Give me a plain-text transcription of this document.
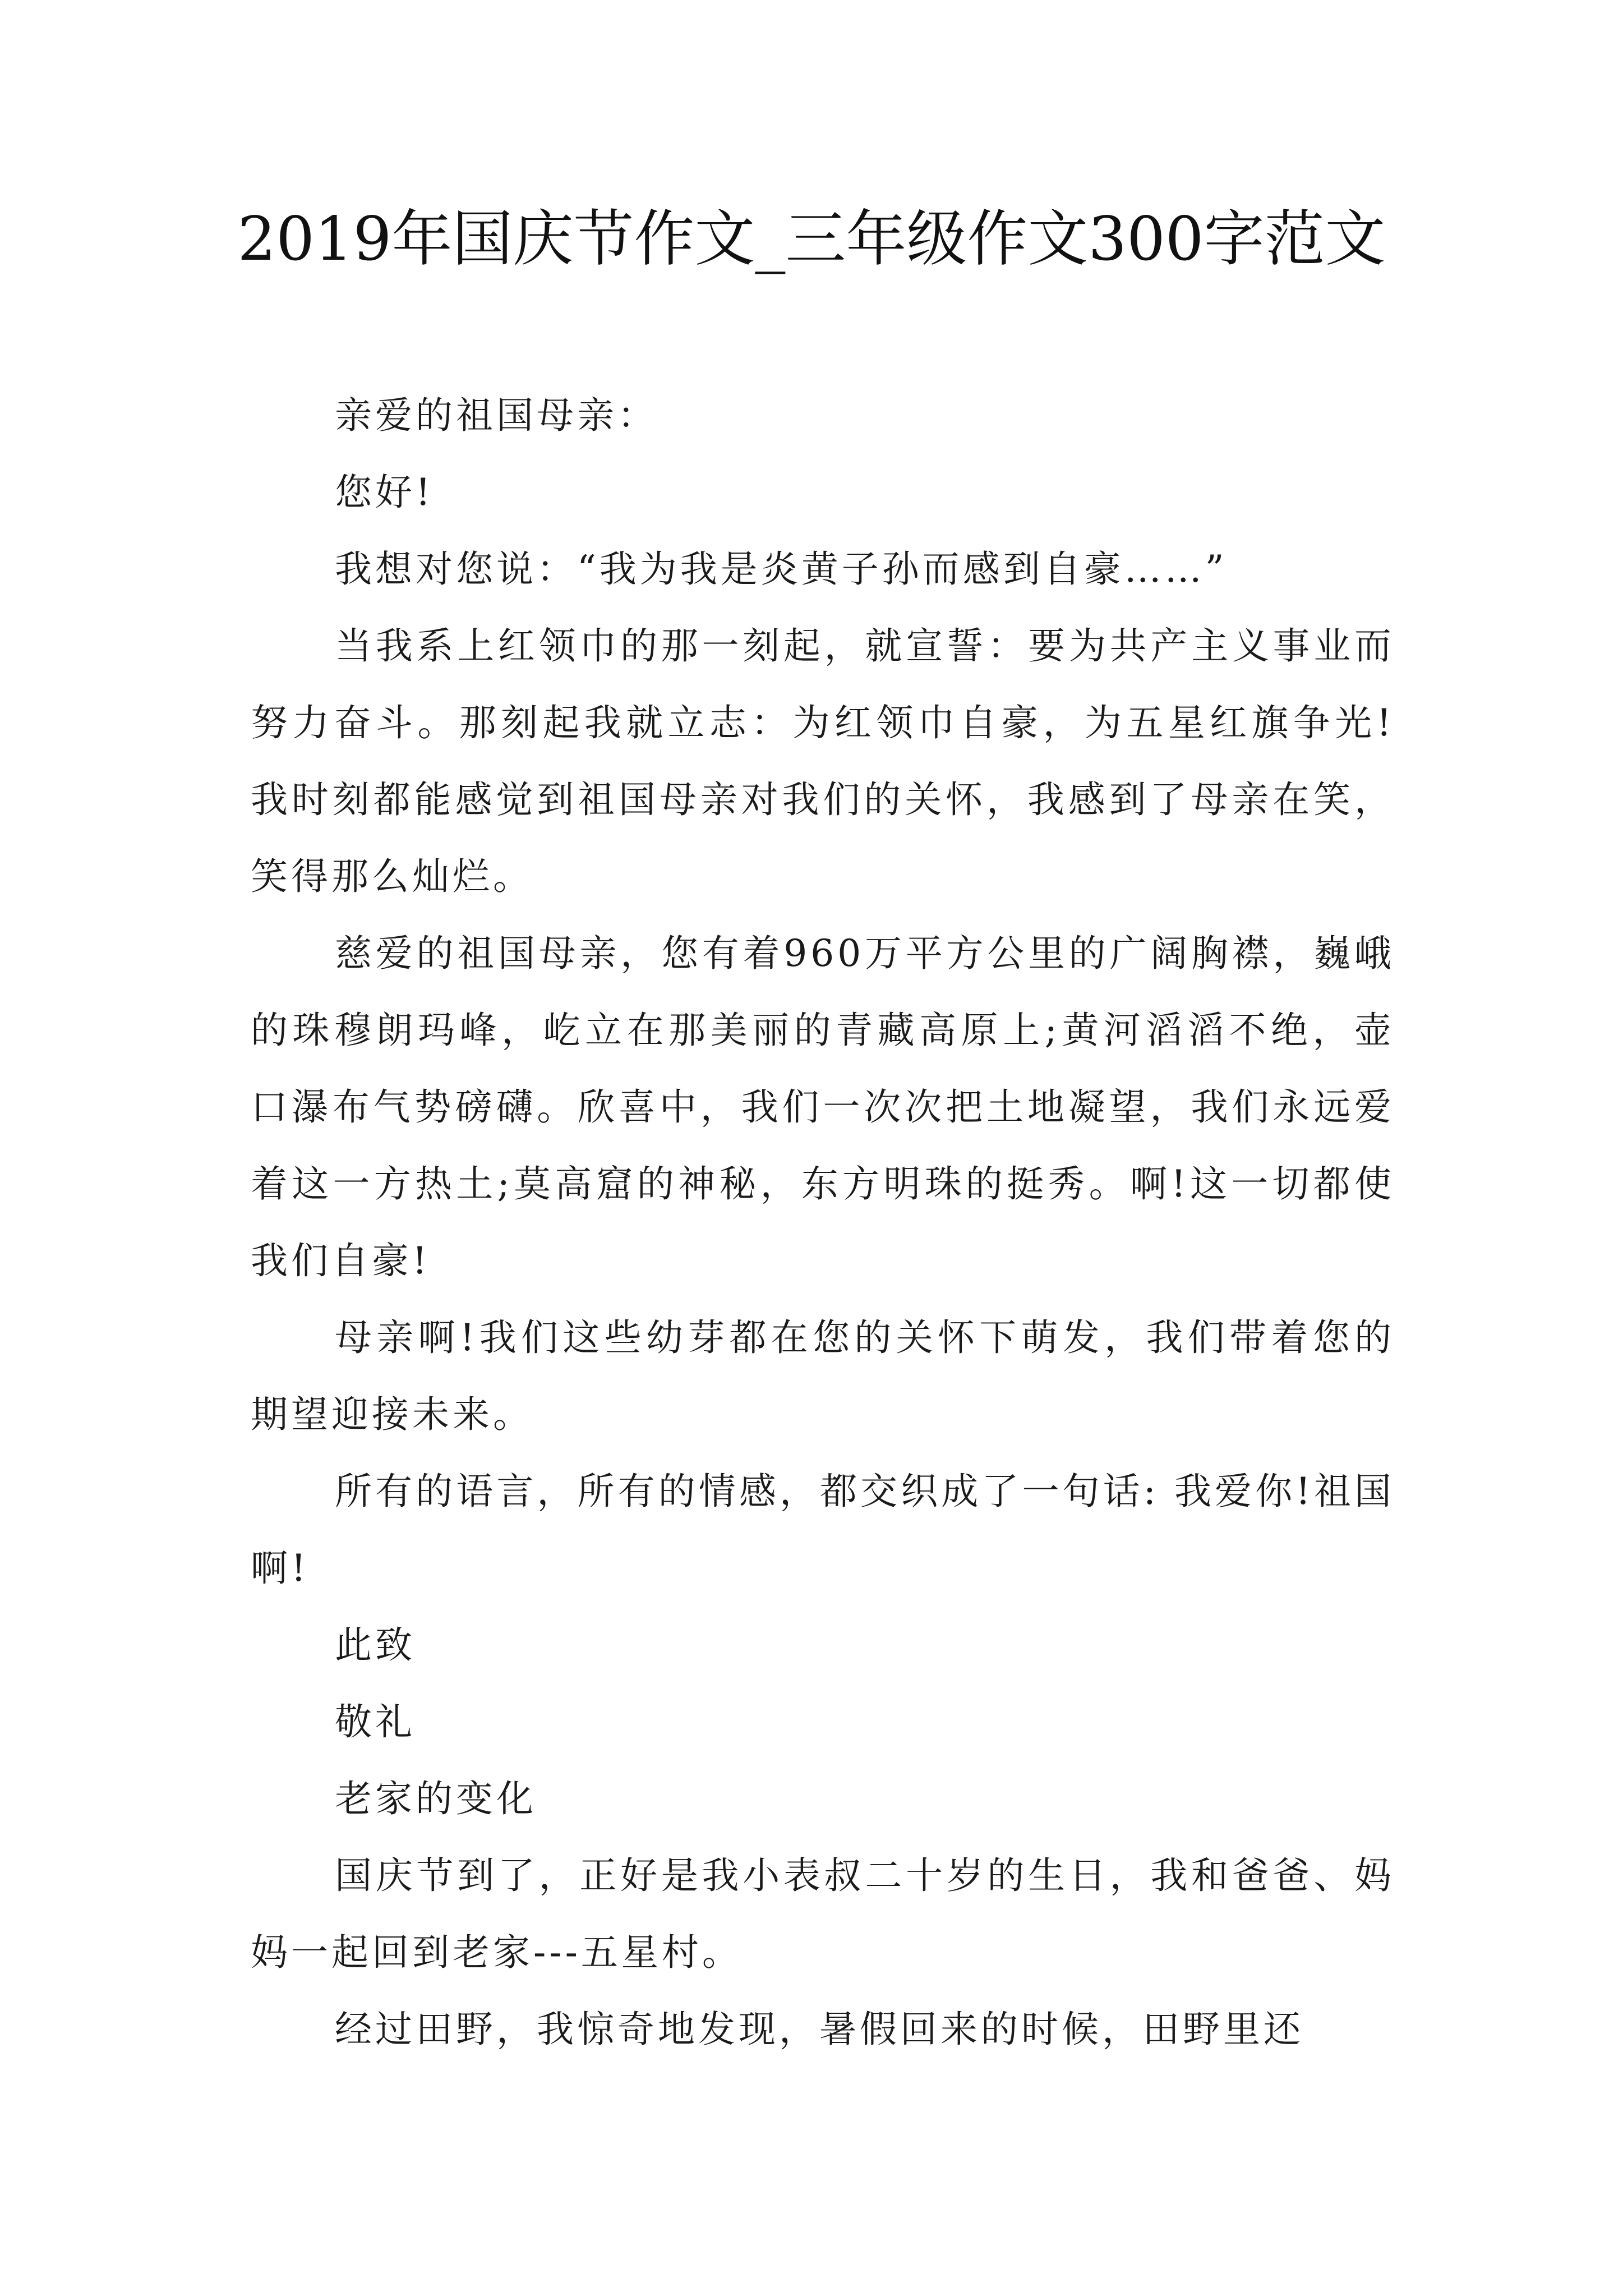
2019年国庆节作文_三年级作文300字范文

亲爱的祖国母亲：

您好!

我想对您说：“我为我是炎黄子孙而感到自豪……”

当我系上红领巾的那一刻起，就宣誓：要为共产主义事业而努力奋斗。那刻起我就立志：为红领巾自豪，为五星红旗争光!我时刻都能感觉到祖国母亲对我们的关怀，我感到了母亲在笑，笑得那么灿烂。

慈爱的祖国母亲，您有着960万平方公里的广阔胸襟，巍峨的珠穆朗玛峰，屹立在那美丽的青藏高原上;黄河滔滔不绝，壶口瀑布气势磅礴。欣喜中，我们一次次把土地凝望，我们永远爱着这一方热土;莫高窟的神秘，东方明珠的挺秀。啊!这一切都使我们自豪!

母亲啊!我们这些幼芽都在您的关怀下萌发，我们带着您的期望迎接未来。

所有的语言，所有的情感，都交织成了一句话: 我爱你!祖国啊!

此致

敬礼

老家的变化

国庆节到了，正好是我小表叔二十岁的生日，我和爸爸、妈妈一起回到老家---五星村。

经过田野，我惊奇地发现，暑假回来的时候，田野里还
